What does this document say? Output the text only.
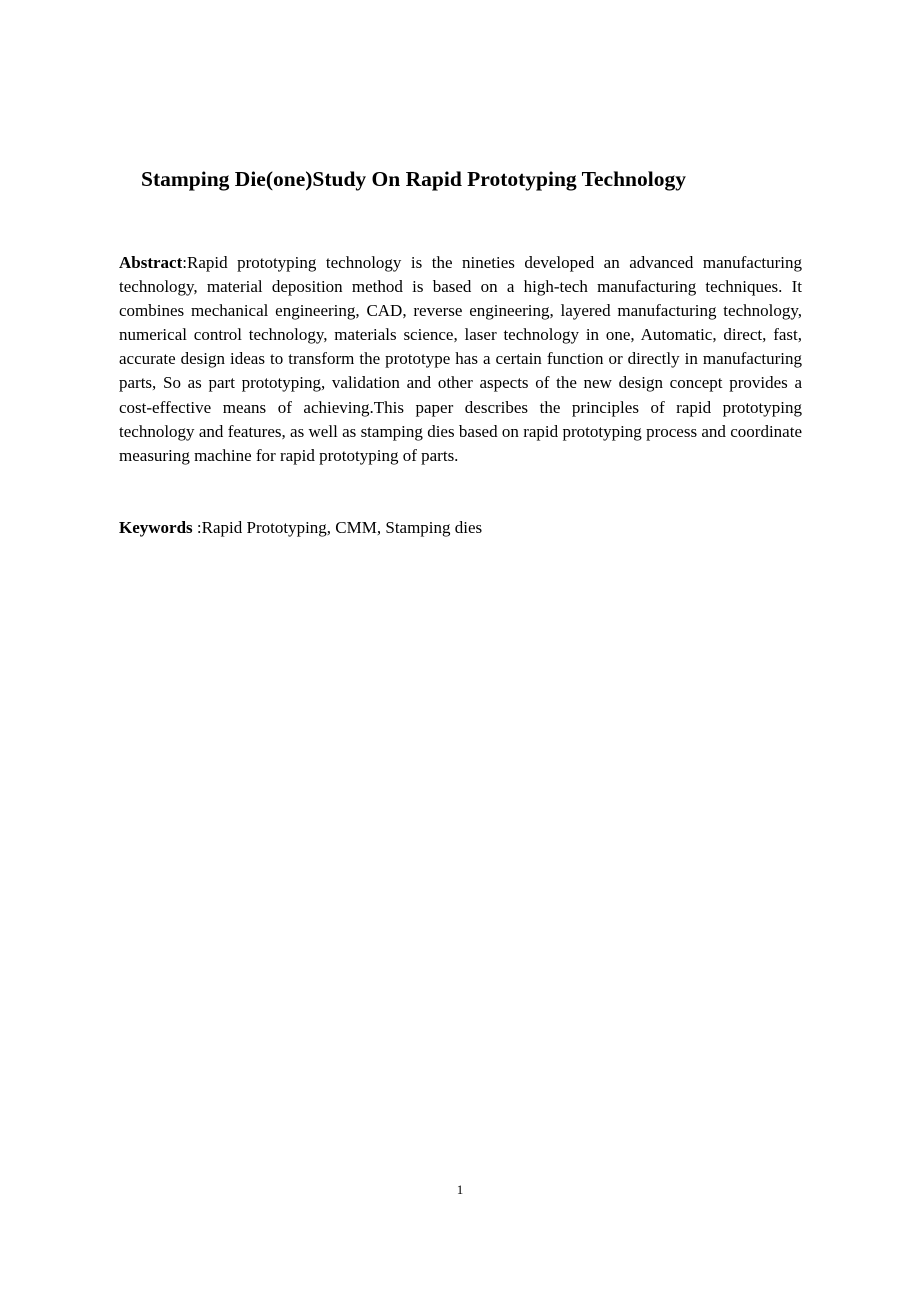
Stamping Die(one)Study On Rapid Prototyping Technology

Abstract:Rapid prototyping technology is the nineties developed an advanced manufacturing technology, material deposition method is based on a high-tech manufacturing techniques. It combines mechanical engineering, CAD, reverse engineering, layered manufacturing technology, numerical control technology, materials science, laser technology in one, Automatic, direct, fast, accurate design ideas to transform the prototype has a certain function or directly in manufacturing parts, So as part prototyping, validation and other aspects of the new design concept provides a cost-effective means of achieving.This paper describes the principles of rapid prototyping technology and features, as well as stamping dies based on rapid prototyping process and coordinate measuring machine for rapid prototyping of parts.

Keywords :Rapid Prototyping, CMM, Stamping dies

1
